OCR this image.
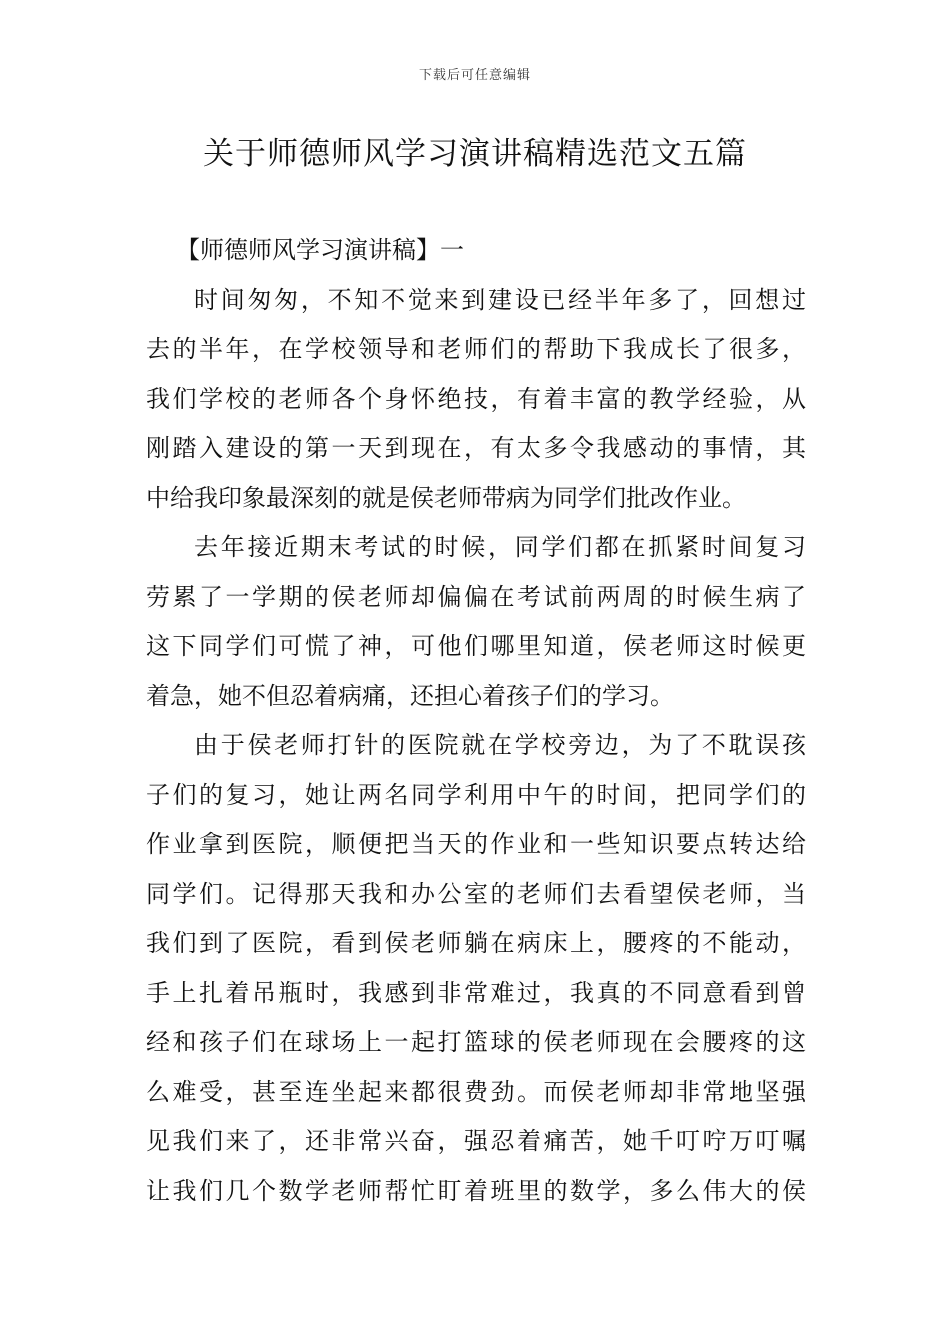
下载后可任意编辑
关于师德师风学习演讲稿精选范文五篇
【师德师风学习演讲稿】一
时间匆匆，不知不觉来到建设已经半年多了，回想过
去的半年，在学校领导和老师们的帮助下我成长了很多，
我们学校的老师各个身怀绝技，有着丰富的教学经验，从
刚踏入建设的第一天到现在，有太多令我感动的事情，其
中给我印象最深刻的就是侯老师带病为同学们批改作业。
去年接近期末考试的时候，同学们都在抓紧时间复习
劳累了一学期的侯老师却偏偏在考试前两周的时候生病了
这下同学们可慌了神，可他们哪里知道，侯老师这时候更
着急，她不但忍着病痛，还担心着孩子们的学习。
由于侯老师打针的医院就在学校旁边，为了不耽误孩
子们的复习，她让两名同学利用中午的时间，把同学们的
作业拿到医院，顺便把当天的作业和一些知识要点转达给
同学们。记得那天我和办公室的老师们去看望侯老师，当
我们到了医院，看到侯老师躺在病床上，腰疼的不能动，
手上扎着吊瓶时，我感到非常难过，我真的不同意看到曾
经和孩子们在球场上一起打篮球的侯老师现在会腰疼的这
么难受，甚至连坐起来都很费劲。而侯老师却非常地坚强
见我们来了，还非常兴奋，强忍着痛苦，她千叮咛万叮嘱
让我们几个数学老师帮忙盯着班里的数学，多么伟大的侯
